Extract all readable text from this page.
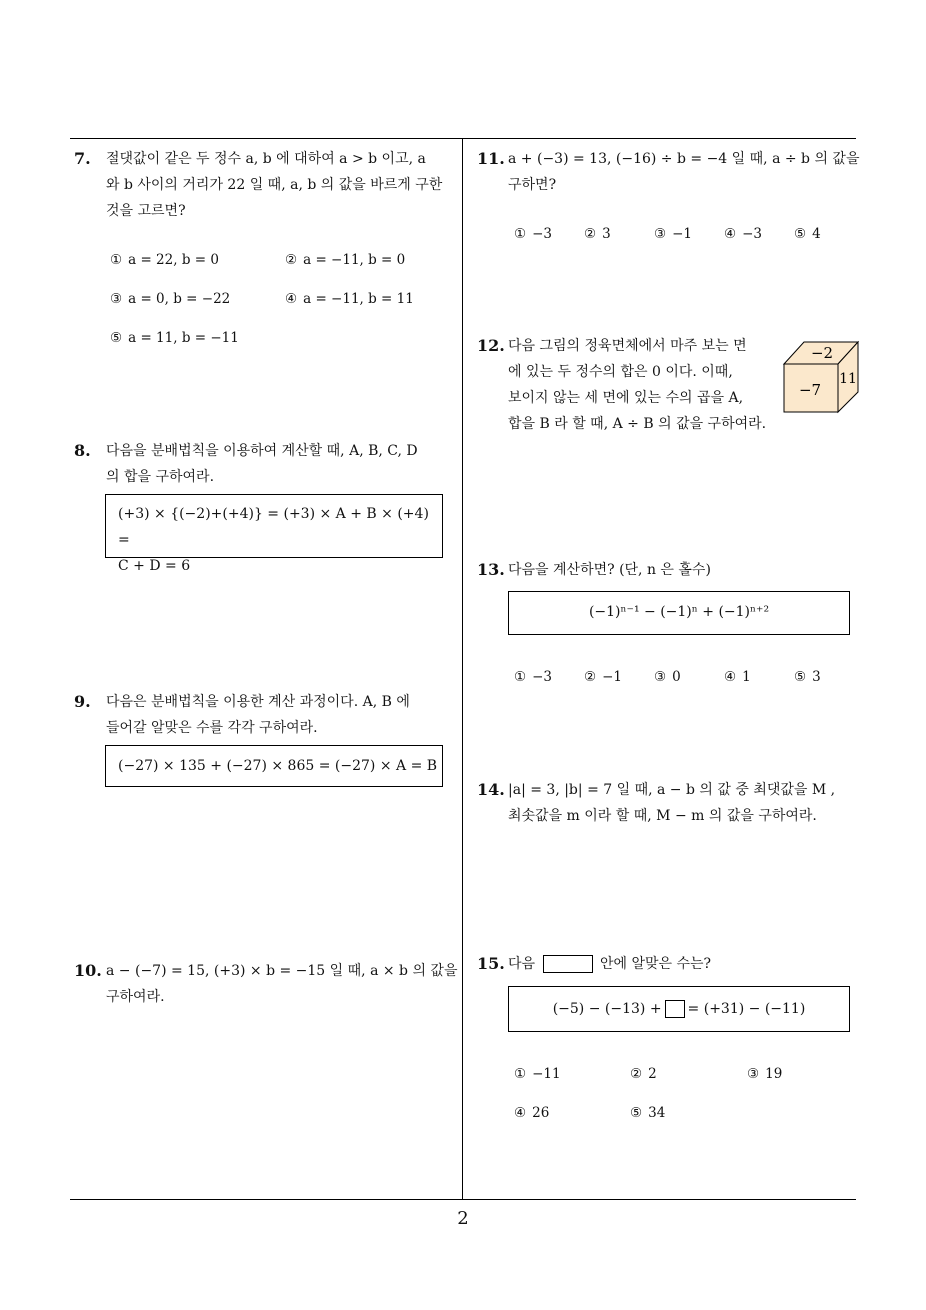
7. 절댓값이 같은 두 정수 a, b 에 대하여 a > b 이고, a
와 b 사이의 거리가 22 일 때, a, b 의 값을 바르게 구한
것을 고르면?
① a = 22, b = 0	② a = −11, b = 0
③ a = 0, b = −22	④ a = −11, b = 11
⑤ a = 11, b = −11
8. 다음을 분배법칙을 이용하여 계산할 때, A, B, C, D
의 합을 구하여라.
(+3) × {(−2)+(+4)} = (+3) × A + B × (+4) =
C + D = 6
9. 다음은 분배법칙을 이용한 계산 과정이다. A, B 에
들어갈 알맞은 수를 각각 구하여라.
(−27) × 135 + (−27) × 865 = (−27) × A = B
10. a − (−7) = 15, (+3) × b = −15 일 때, a × b 의 값을
구하여라.
11. a + (−3) = 13, (−16) ÷ b = −4 일 때, a ÷ b 의 값을
구하면?
① −3 ② 3	③ −1 ④ −3 ⑤ 4
12. 다음 그림의 정육면체에서 마주 보는 면
에 있는 두 정수의 합은 0 이다. 이때,
보이지 않는 세 면에 있는 수의 곱을 A,
합을 B 라 할 때, A ÷ B 의 값을 구하여라.
−2
−7
11
13. 다음을 계산하면? (단, n 은 홀수)
(−1)ⁿ⁻¹ − (−1)ⁿ + (−1)ⁿ⁺²
① −3 ② −1 ③ 0	④ 1	⑤ 3
14. |a| = 3, |b| = 7 일 때, a − b 의 값 중 최댓값을 M ,
최솟값을 m 이라 할 때, M − m 의 값을 구하여라.
15. 다음	안에 알맞은 수는?
(−5) − (−13) + = (+31) − (−11)
① −11	② 2	③ 19
④ 26	⑤ 34
2
